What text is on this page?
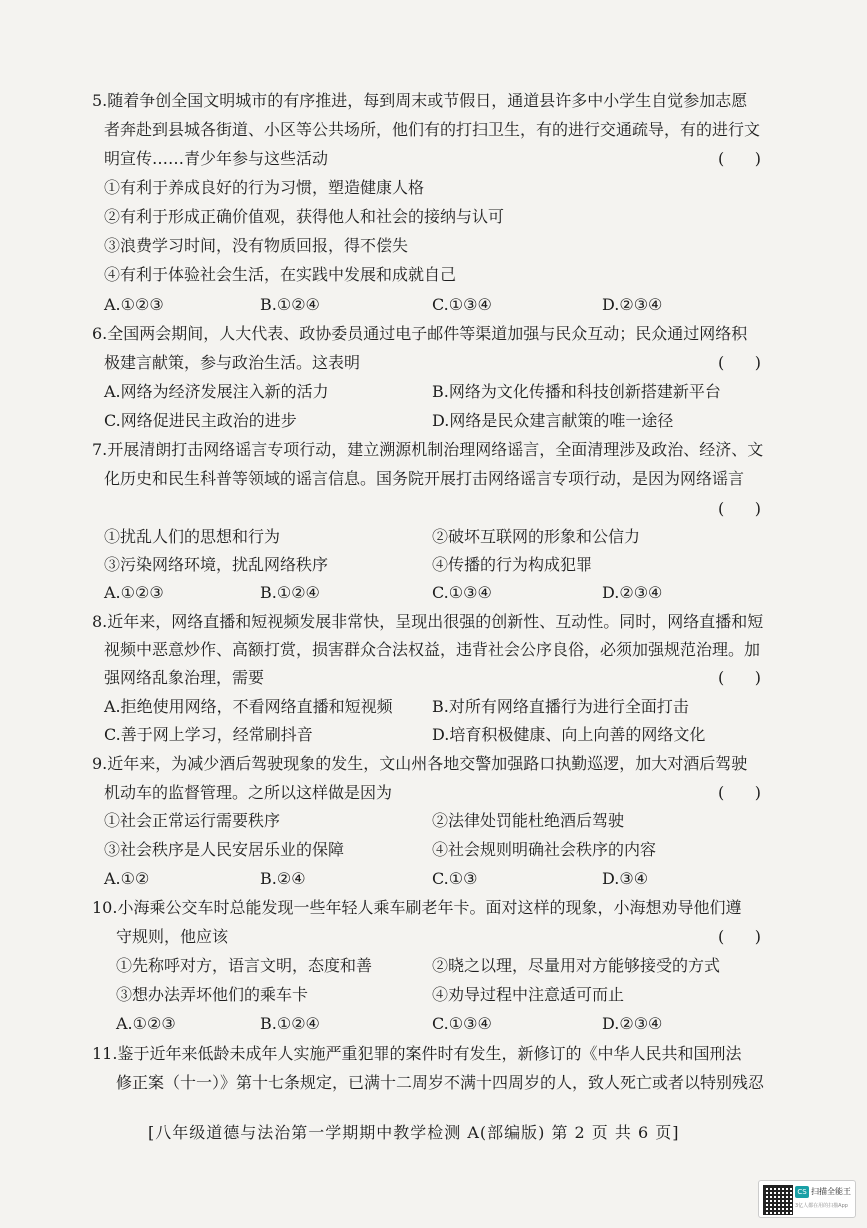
5.随着争创全国文明城市的有序推进，每到周末或节假日，通道县许多中小学生自觉参加志愿
者奔赴到县城各街道、小区等公共场所，他们有的打扫卫生，有的进行交通疏导，有的进行文
明宣传……青少年参与这些活动	(      )
①有利于养成良好的行为习惯，塑造健康人格
②有利于形成正确价值观，获得他人和社会的接纳与认可
③浪费学习时间，没有物质回报，得不偿失
④有利于体验社会生活，在实践中发展和成就自己
A.①②③	B.①②④	C.①③④	D.②③④
6.全国两会期间，人大代表、政协委员通过电子邮件等渠道加强与民众互动；民众通过网络积
极建言献策，参与政治生活。这表明	(      )
A.网络为经济发展注入新的活力	B.网络为文化传播和科技创新搭建新平台
C.网络促进民主政治的进步	D.网络是民众建言献策的唯一途径
7.开展清朗打击网络谣言专项行动，建立溯源机制治理网络谣言，全面清理涉及政治、经济、文
化历史和民生科普等领域的谣言信息。国务院开展打击网络谣言专项行动，是因为网络谣言
(      )
①扰乱人们的思想和行为	②破坏互联网的形象和公信力
③污染网络环境，扰乱网络秩序	④传播的行为构成犯罪
A.①②③	B.①②④	C.①③④	D.②③④
8.近年来，网络直播和短视频发展非常快，呈现出很强的创新性、互动性。同时，网络直播和短
视频中恶意炒作、高额打赏，损害群众合法权益，违背社会公序良俗，必须加强规范治理。加
强网络乱象治理，需要	(      )
A.拒绝使用网络，不看网络直播和短视频 B.对所有网络直播行为进行全面打击
C.善于网上学习，经常刷抖音	D.培育积极健康、向上向善的网络文化
9.近年来，为减少酒后驾驶现象的发生，文山州各地交警加强路口执勤巡逻，加大对酒后驾驶
机动车的监督管理。之所以这样做是因为	(      )
①社会正常运行需要秩序	②法律处罚能杜绝酒后驾驶
③社会秩序是人民安居乐业的保障	④社会规则明确社会秩序的内容
A.①②	B.②④	C.①③	D.③④
10.小海乘公交车时总能发现一些年轻人乘车刷老年卡。面对这样的现象，小海想劝导他们遵
守规则，他应该	(      )
①先称呼对方，语言文明，态度和善	②晓之以理，尽量用对方能够接受的方式
③想办法弄坏他们的乘车卡	④劝导过程中注意适可而止
A.①②③	B.①②④	C.①③④	D.②③④
11.鉴于近年来低龄未成年人实施严重犯罪的案件时有发生，新修订的《中华人民共和国刑法
修正案（十一）》第十七条规定，已满十二周岁不满十四周岁的人，致人死亡或者以特别残忍
[八年级道德与法治第一学期期中教学检测 A(部编版) 第 2 页 共 6 页]
CS 扫描全能王
3亿人都在用的扫描App
